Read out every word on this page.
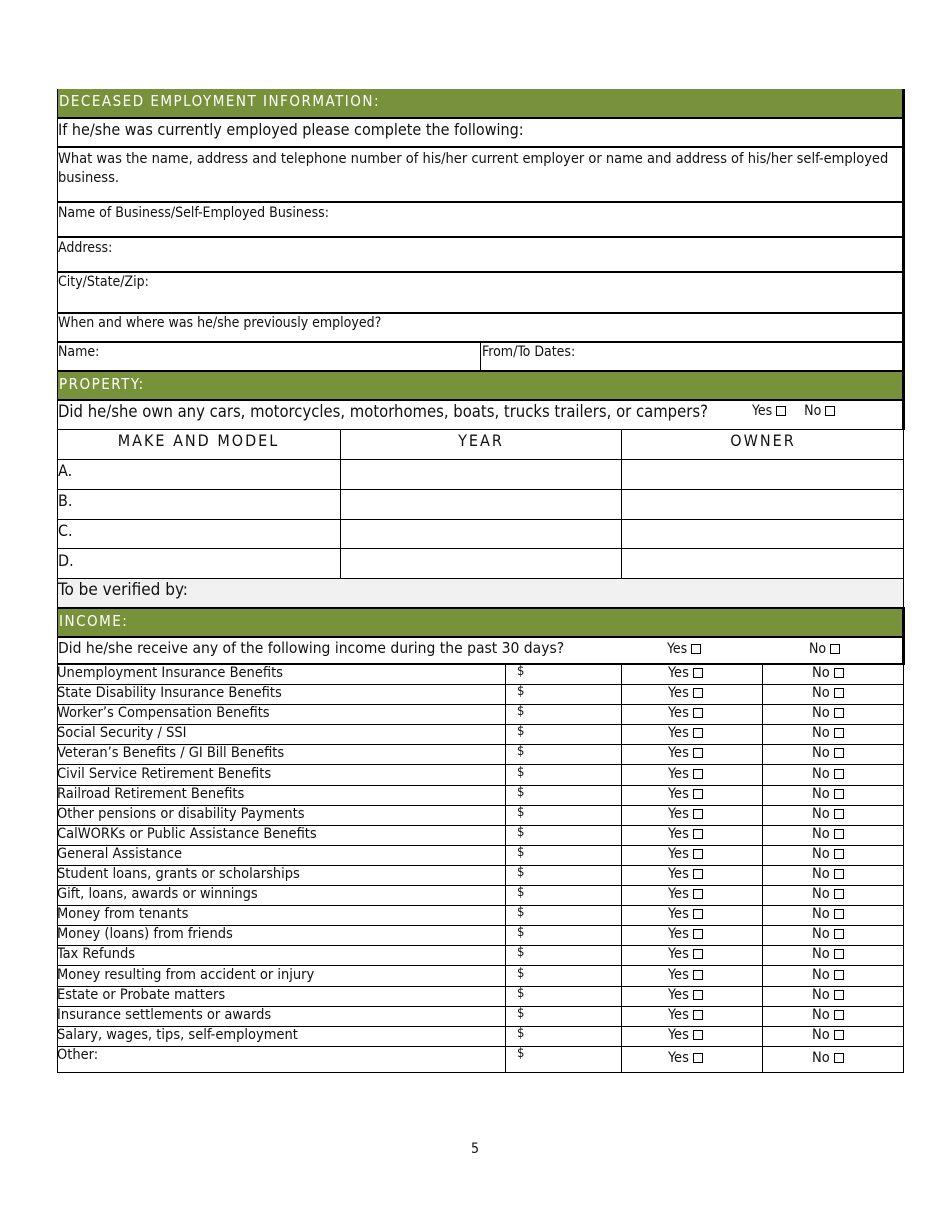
DECEASED EMPLOYMENT INFORMATION:
If he/she was currently employed please complete the following:
What was the name, address and telephone number of his/her current employer or name and address of his/her self-employed business.
Name of Business/Self-Employed Business:
Address:
City/State/Zip:
When and where was he/she previously employed?
Name:	From/To Dates:
PROPERTY:
Did he/she own any cars, motorcycles, motorhomes, boats, trucks trailers, or campers?	Yes No
MAKE AND MODEL	YEAR	OWNER
A.
B.
C.
D.
To be verified by:
INCOME:
Did he/she receive any of the following income during the past 30 days?	Yes	No
Unemployment Insurance Benefits	$	Yes	No
State Disability Insurance Benefits	$	Yes	No
Worker’s Compensation Benefits	$	Yes	No
Social Security / SSI	$	Yes	No
Veteran’s Benefits / GI Bill Benefits	$	Yes	No
Civil Service Retirement Benefits	$	Yes	No
Railroad Retirement Benefits	$	Yes	No
Other pensions or disability Payments	$	Yes	No
CalWORKs or Public Assistance Benefits	$	Yes	No
General Assistance	$	Yes	No
Student loans, grants or scholarships	$	Yes	No
Gift, loans, awards or winnings	$	Yes	No
Money from tenants	$	Yes	No
Money (loans) from friends	$	Yes	No
Tax Refunds	$	Yes	No
Money resulting from accident or injury	$	Yes	No
Estate or Probate matters	$	Yes	No
Insurance settlements or awards	$	Yes	No
Salary, wages, tips, self-employment	$	Yes	No
Other:	$	Yes	No
5
